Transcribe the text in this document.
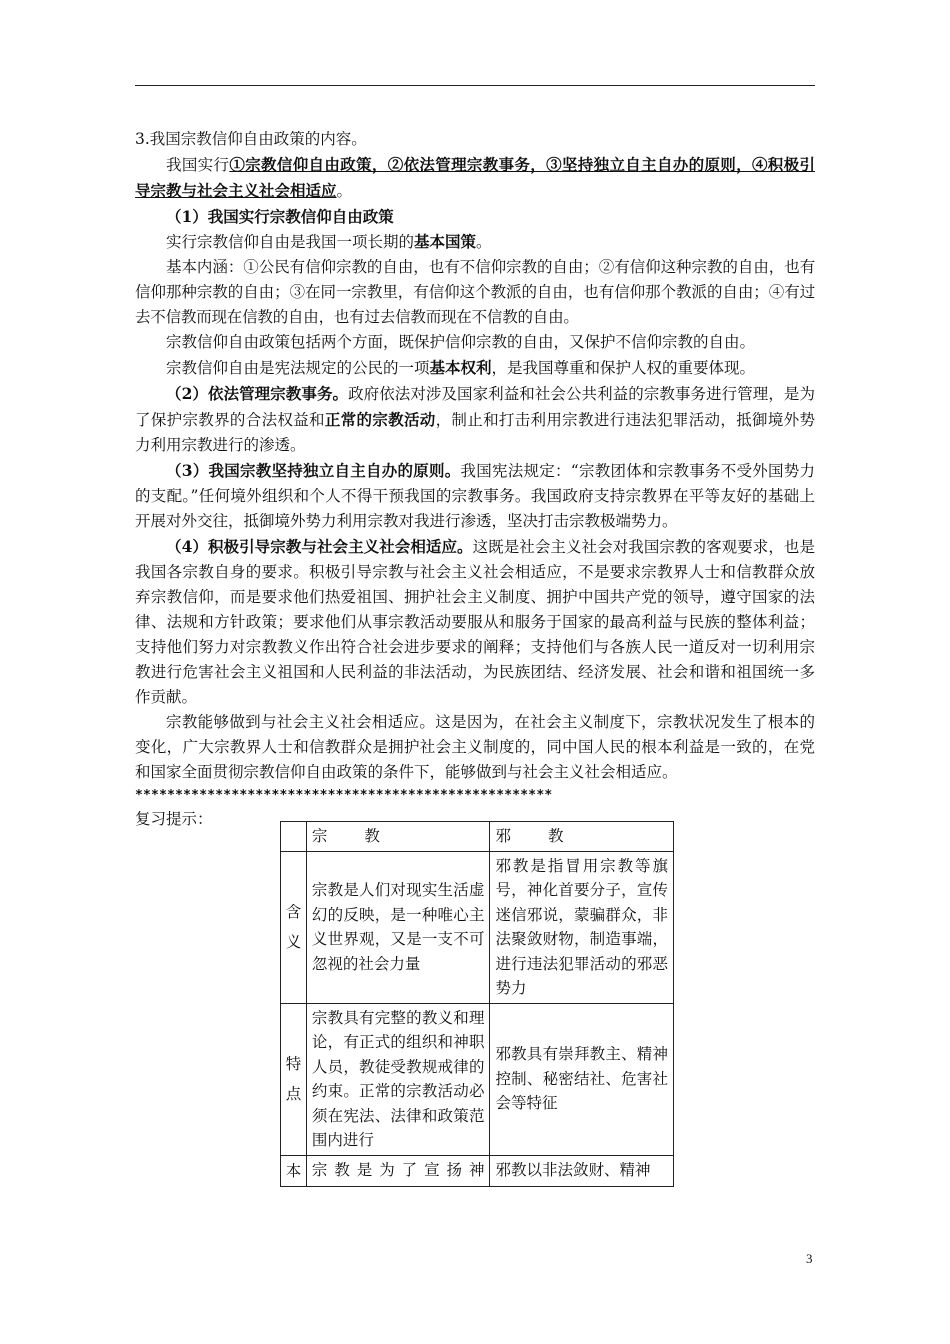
3.我国宗教信仰自由政策的内容。

我国实行①宗教信仰自由政策，②依法管理宗教事务，③坚持独立自主自办的原则，④积极引导宗教与社会主义社会相适应。

（1）我国实行宗教信仰自由政策

实行宗教信仰自由是我国一项长期的基本国策。

基本内涵：①公民有信仰宗教的自由，也有不信仰宗教的自由；②有信仰这种宗教的自由，也有信仰那种宗教的自由；③在同一宗教里，有信仰这个教派的自由，也有信仰那个教派的自由；④有过去不信教而现在信教的自由，也有过去信教而现在不信教的自由。

宗教信仰自由政策包括两个方面，既保护信仰宗教的自由，又保护不信仰宗教的自由。

宗教信仰自由是宪法规定的公民的一项基本权利，是我国尊重和保护人权的重要体现。

（2）依法管理宗教事务。政府依法对涉及国家利益和社会公共利益的宗教事务进行管理，是为了保护宗教界的合法权益和正常的宗教活动，制止和打击利用宗教进行违法犯罪活动，抵御境外势力利用宗教进行的渗透。

（3）我国宗教坚持独立自主自办的原则。我国宪法规定：“宗教团体和宗教事务不受外国势力的支配。”任何境外组织和个人不得干预我国的宗教事务。我国政府支持宗教界在平等友好的基础上开展对外交往，抵御境外势力利用宗教对我进行渗透，坚决打击宗教极端势力。

（4）积极引导宗教与社会主义社会相适应。这既是社会主义社会对我国宗教的客观要求，也是我国各宗教自身的要求。积极引导宗教与社会主义社会相适应，不是要求宗教界人士和信教群众放弃宗教信仰，而是要求他们热爱祖国、拥护社会主义制度、拥护中国共产党的领导，遵守国家的法律、法规和方针政策；要求他们从事宗教活动要服从和服务于国家的最高利益与民族的整体利益；支持他们努力对宗教教义作出符合社会进步要求的阐释；支持他们与各族人民一道反对一切利用宗教进行危害社会主义祖国和人民利益的非法活动，为民族团结、经济发展、社会和谐和祖国统一多作贡献。

宗教能够做到与社会主义社会相适应。这是因为，在社会主义制度下，宗教状况发生了根本的变化，广大宗教界人士和信教群众是拥护社会主义制度的，同中国人民的根本利益是一致的，在党和国家全面贯彻宗教信仰自由政策的条件下，能够做到与社会主义社会相适应。

****************************************************

复习提示：

	宗　　教	邪　　教
含义	宗教是人们对现实生活虚幻的反映，是一种唯心主义世界观，又是一支不可忽视的社会力量	邪教是指冒用宗教等旗号，神化首要分子，宣传迷信邪说，蒙骗群众，非法聚敛财物，制造事端，进行违法犯罪活动的邪恶势力
特点	宗教具有完整的教义和理论，有正式的组织和神职人员，教徒受教规戒律的约束。正常的宗教活动必须在宪法、法律和政策范围内进行	邪教具有崇拜教主、精神控制、秘密结社、危害社会等特征
本	宗教是为了宣扬神	邪教以非法敛财、精神
3
